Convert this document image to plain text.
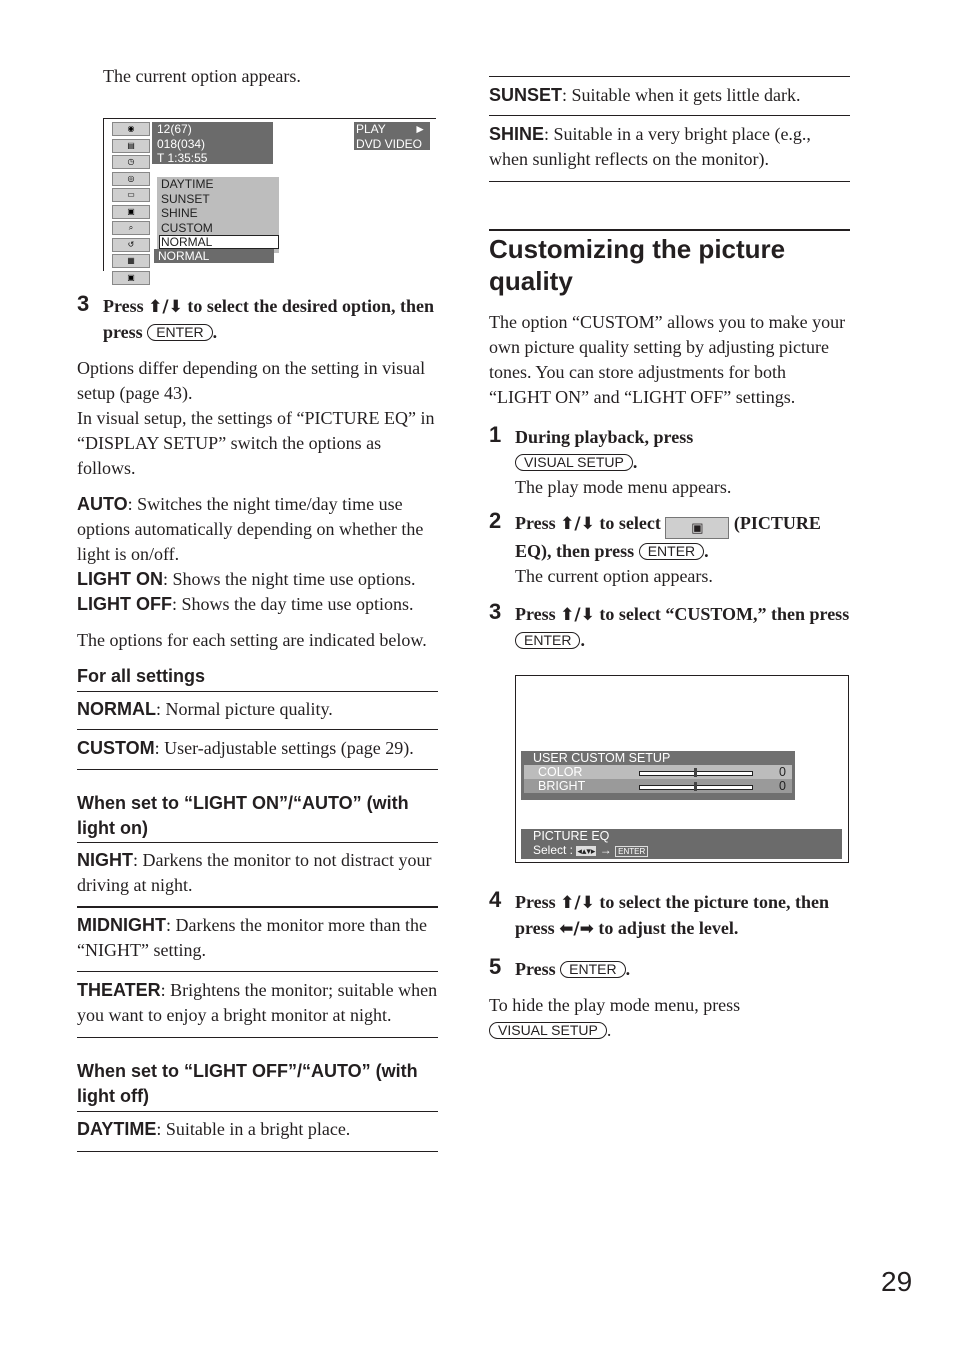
The current option appears.

◉
▤
◷
◎
▭
▣
⌕
↺
▦
▣
12(67)
018(034)
T 1:35:55
PLAY ►
DVD VIDEO
DAYTIME
SUNSET
SHINE
CUSTOM
NORMAL
NORMAL
3 Press ⬆/⬇ to select the desired option, then press ENTER .

Options differ depending on the setting in visual setup (page 43).

In visual setup, the settings of “PICTURE EQ” in “DISPLAY SETUP” switch the options as follows.

AUTO: Switches the night time/day time use options automatically depending on whether the light is on/off.

LIGHT ON: Shows the night time use options.

LIGHT OFF: Shows the day time use options.

The options for each setting are indicated below.

For all settings

NORMAL: Normal picture quality.

CUSTOM: User-adjustable settings (page 29).

When set to “LIGHT ON”/“AUTO” (with light on)

NIGHT: Darkens the monitor to not distract your driving at night.

MIDNIGHT: Darkens the monitor more than the “NIGHT” setting.

THEATER: Brightens the monitor; suitable when you want to enjoy a bright monitor at night.

When set to “LIGHT OFF”/“AUTO” (with light off)

DAYTIME: Suitable in a bright place.

SUNSET: Suitable when it gets little dark.

SHINE: Suitable in a very bright place (e.g., when sunlight reflects on the monitor).

Customizing the picture quality

The option “CUSTOM” allows you to make your own picture quality setting by adjusting picture tones. You can store adjustments for both “LIGHT ON” and “LIGHT OFF” settings.

1 During playback, press
VISUAL SETUP .

The play mode menu appears.

2 Press ⬆/⬇ to select ▣ (PICTURE EQ), then press ENTER .

The current option appears.

3 Press ⬆/⬇ to select “CUSTOM,” then press ENTER .
USER CUSTOM SETUP
COLOR	0
BRIGHT	0
PICTURE EQ
Select : ◂▴▾▸ → ENTER
4 Press ⬆/⬇ to select the picture tone, then press ⬅/➡ to adjust the level.
5 Press ENTER .

To hide the play mode menu, press
VISUAL SETUP .

29
